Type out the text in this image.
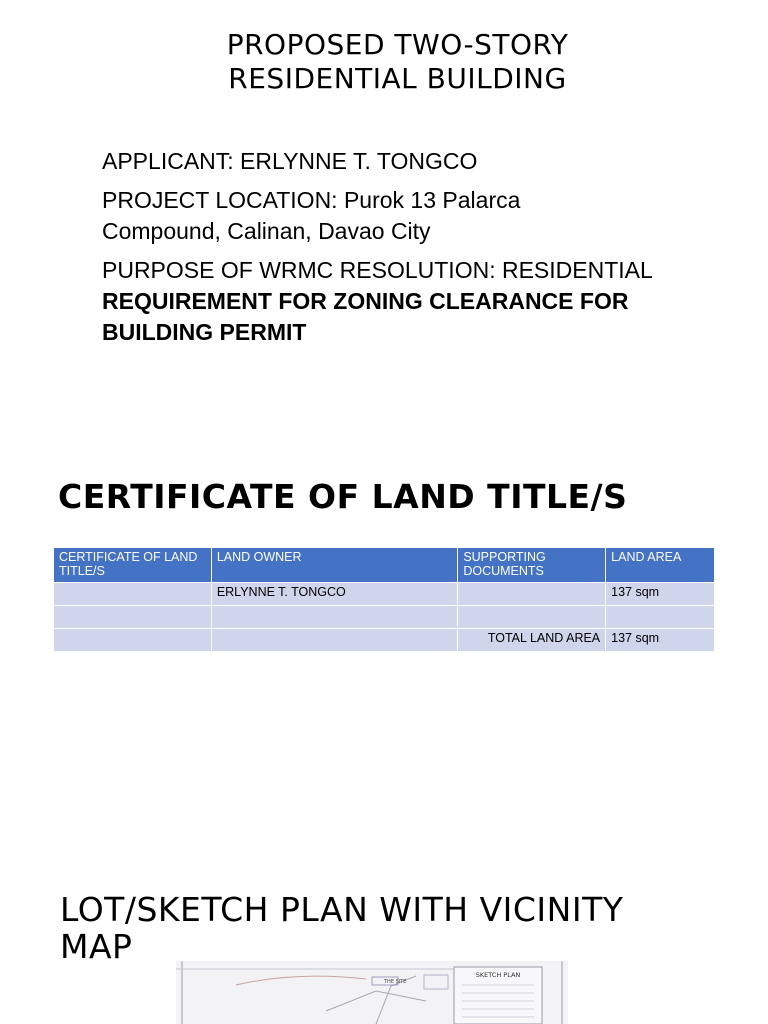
PROPOSED TWO-STORY
RESIDENTIAL BUILDING

APPLICANT: ERLYNNE T. TONGCO

PROJECT LOCATION: Purok 13 Palarca

Compound, Calinan, Davao City

PURPOSE OF WRMC RESOLUTION: RESIDENTIAL

REQUIREMENT FOR ZONING CLEARANCE FOR

BUILDING PERMIT

CERTIFICATE OF LAND TITLE/S
CERTIFICATE OF LAND TITLE/S	LAND OWNER	SUPPORTING DOCUMENTS	LAND AREA
	ERLYNNE T. TONGCO		137 sqm

		TOTAL LAND AREA	137 sqm
LOT/SKETCH PLAN WITH VICINITY
MAP
SKETCH PLAN
THE SITE
